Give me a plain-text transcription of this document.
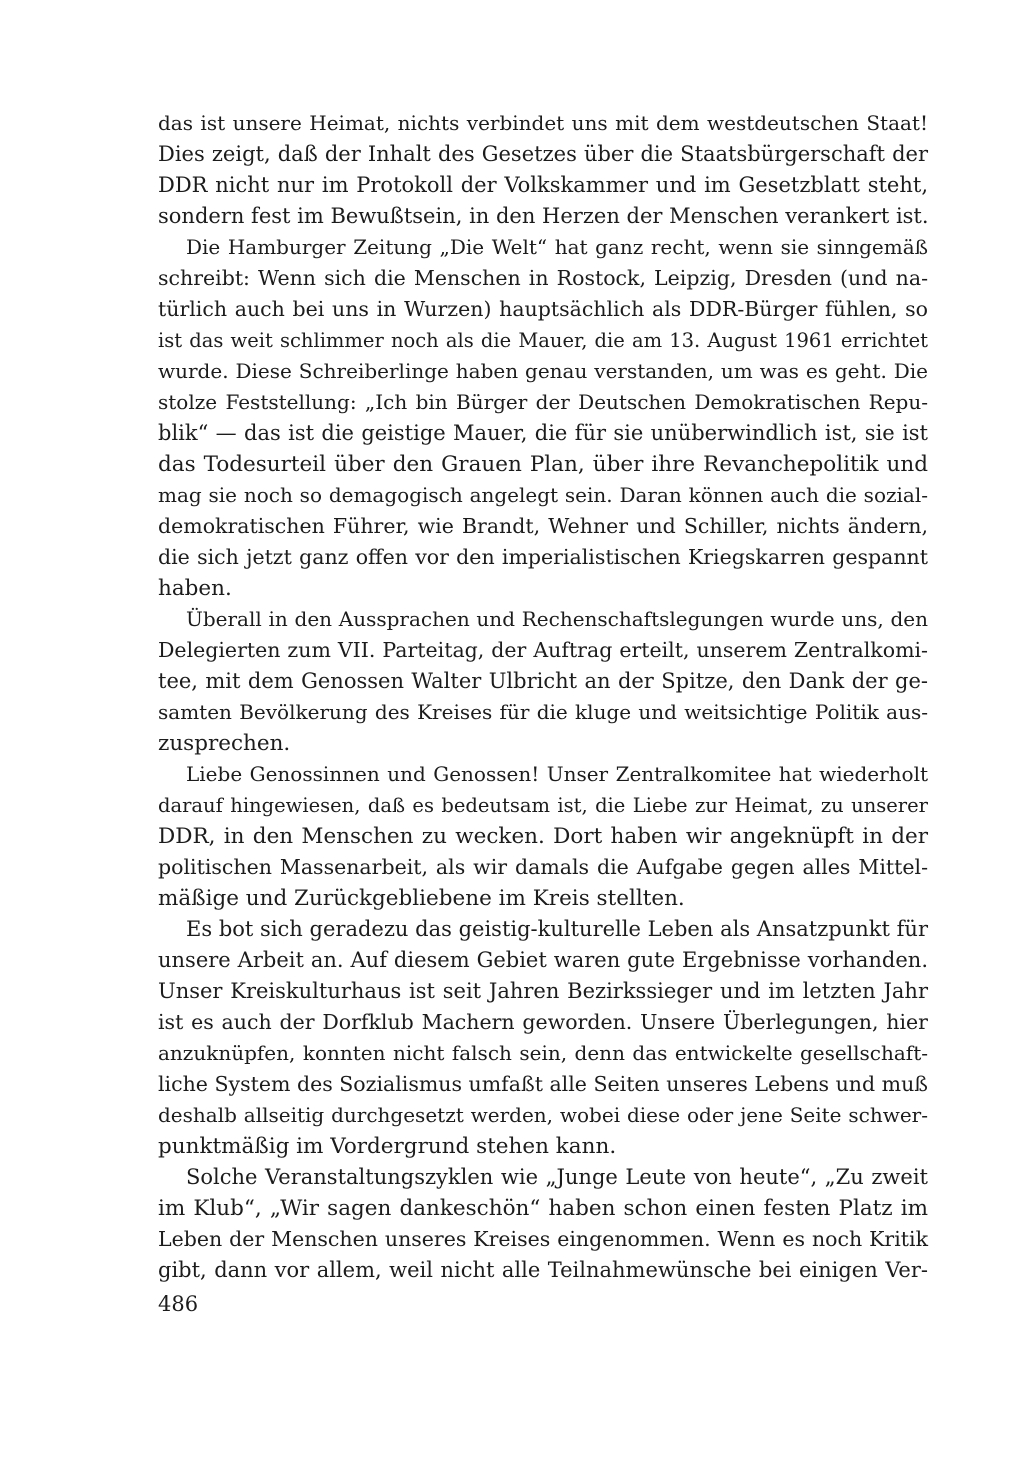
das ist unsere Heimat, nichts verbindet uns mit dem westdeutschen Staat!
Dies zeigt, daß der Inhalt des Gesetzes über die Staatsbürgerschaft der
DDR nicht nur im Protokoll der Volkskammer und im Gesetzblatt steht,
sondern fest im Bewußtsein, in den Herzen der Menschen verankert ist.
Die Hamburger Zeitung „Die Welt“ hat ganz recht, wenn sie sinngemäß
schreibt: Wenn sich die Menschen in Rostock, Leipzig, Dresden (und na-
türlich auch bei uns in Wurzen) hauptsächlich als DDR-Bürger fühlen, so
ist das weit schlimmer noch als die Mauer, die am 13. August 1961 errichtet
wurde. Diese Schreiberlinge haben genau verstanden, um was es geht. Die
stolze Feststellung: „Ich bin Bürger der Deutschen Demokratischen Repu-
blik“ — das ist die geistige Mauer, die für sie unüberwindlich ist, sie ist
das Todesurteil über den Grauen Plan, über ihre Revanchepolitik und
mag sie noch so demagogisch angelegt sein. Daran können auch die sozial-
demokratischen Führer, wie Brandt, Wehner und Schiller, nichts ändern,
die sich jetzt ganz offen vor den imperialistischen Kriegskarren gespannt
haben.
Überall in den Aussprachen und Rechenschaftslegungen wurde uns, den
Delegierten zum VII. Parteitag, der Auftrag erteilt, unserem Zentralkomi-
tee, mit dem Genossen Walter Ulbricht an der Spitze, den Dank der ge-
samten Bevölkerung des Kreises für die kluge und weitsichtige Politik aus-
zusprechen.
Liebe Genossinnen und Genossen! Unser Zentralkomitee hat wiederholt
darauf hingewiesen, daß es bedeutsam ist, die Liebe zur Heimat, zu unserer
DDR, in den Menschen zu wecken. Dort haben wir angeknüpft in der
politischen Massenarbeit, als wir damals die Aufgabe gegen alles Mittel-
mäßige und Zurückgebliebene im Kreis stellten.
Es bot sich geradezu das geistig-kulturelle Leben als Ansatzpunkt für
unsere Arbeit an. Auf diesem Gebiet waren gute Ergebnisse vorhanden.
Unser Kreiskulturhaus ist seit Jahren Bezirkssieger und im letzten Jahr
ist es auch der Dorfklub Machern geworden. Unsere Überlegungen, hier
anzuknüpfen, konnten nicht falsch sein, denn das entwickelte gesellschaft-
liche System des Sozialismus umfaßt alle Seiten unseres Lebens und muß
deshalb allseitig durchgesetzt werden, wobei diese oder jene Seite schwer-
punktmäßig im Vordergrund stehen kann.
Solche Veranstaltungszyklen wie „Junge Leute von heute“, „Zu zweit
im Klub“, „Wir sagen dankeschön“ haben schon einen festen Platz im
Leben der Menschen unseres Kreises eingenommen. Wenn es noch Kritik
gibt, dann vor allem, weil nicht alle Teilnahmewünsche bei einigen Ver-
486
